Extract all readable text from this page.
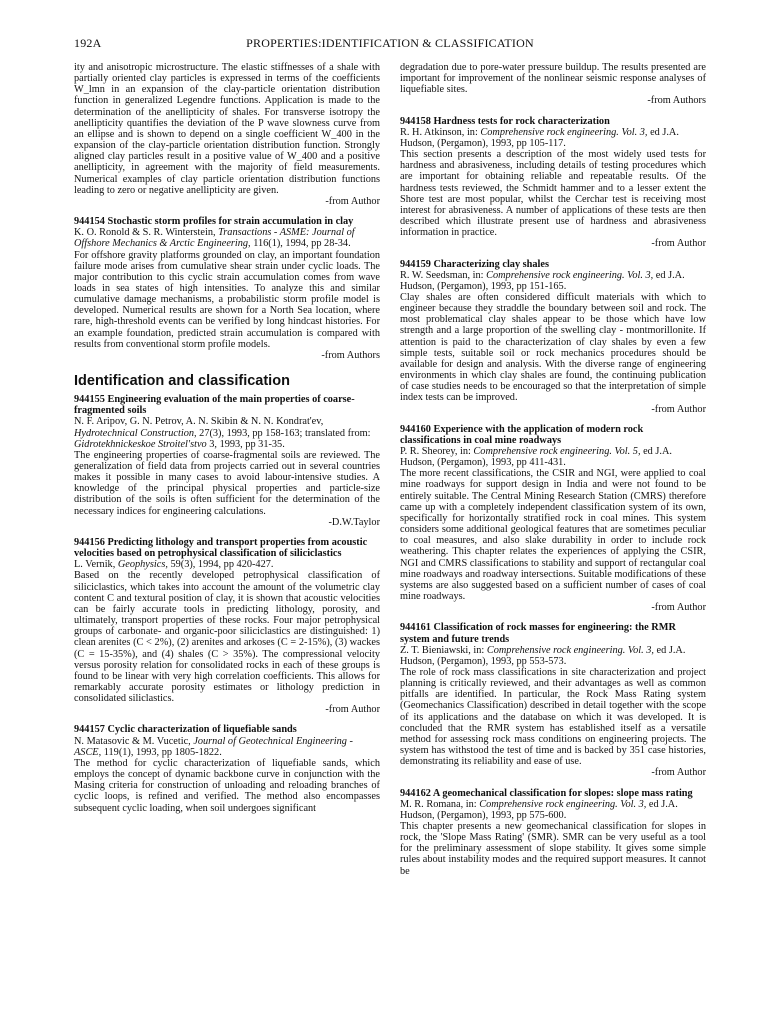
192A	PROPERTIES:IDENTIFICATION & CLASSIFICATION

ity and anisotropic microstructure. The elastic stiffnesses of a shale with partially oriented clay particles is expressed in terms of the coefficients W_lmn in an expansion of the clay-particle orientation distribution function in generalized Legendre functions. Application is made to the determination of the anellipticity of shales. For transverse isotropy the anellipticity quantifies the deviation of the P wave slowness curve from an ellipse and is shown to depend on a single coefficient W_400 in the expansion of the clay-particle orientation distribution function. Strongly aligned clay particles result in a positive value of W_400 and a positive anellipticity, in agreement with the majority of field measurements. Numerical examples of clay particle orientation distribution functions leading to zero or negative anellipticity are given.

-from Author

944154 Stochastic storm profiles for strain accumulation in clay

K. O. Ronold & S. R. Winterstein, Transactions - ASME: Journal of Offshore Mechanics & Arctic Engineering, 116(1), 1994, pp 28-34.

For offshore gravity platforms grounded on clay, an important foundation failure mode arises from cumulative shear strain under cyclic loads. The major contribution to this cyclic strain accumulation comes from wave loads in sea states of high intensities. To analyze this and similar cumulative damage mechanisms, a probabilistic storm profile model is developed. Numerical results are shown for a North Sea location, where rare, high-threshold events can be verified by long hindcast histories. For an example foundation, predicted strain accumulation is compared with results from conventional storm profile models.

-from Authors

Identification and classification

944155 Engineering evaluation of the main properties of coarse-fragmented soils

N. F. Aripov, G. N. Petrov, A. N. Skibin & N. N. Kondrat'ev, Hydrotechnical Construction, 27(3), 1993, pp 158-163; translated from: Gidrotekhnickeskoe Stroitel'stvo 3, 1993, pp 31-35.

The engineering properties of coarse-fragmental soils are reviewed. The generalization of field data from projects carried out in several countries makes it possible in many cases to avoid labour-intensive studies. A knowledge of the principal physical properties and particle-size distribution of the soils is often sufficient for the determination of the necessary indices for engineering calculations.

-D.W.Taylor

944156 Predicting lithology and transport properties from acoustic velocities based on petrophysical classification of siliciclastics

L. Vernik, Geophysics, 59(3), 1994, pp 420-427.

Based on the recently developed petrophysical classification of siliciclastics, which takes into account the amount of the volumetric clay content C and textural position of clay, it is shown that acoustic velocities can be fairly accurate tools in predicting lithology, porosity, and ultimately, transport properties of these rocks. Four major petrophysical groups of carbonate- and organic-poor siliciclastics are distinguished: 1) clean arenites (C < 2%), (2) arenites and arkoses (C = 2-15%), (3) wackes (C = 15-35%), and (4) shales (C > 35%). The compressional velocity versus porosity relation for consolidated rocks in each of these groups is found to be linear with very high correlation coefficients. This allows for remarkably accurate porosity estimates or lithology prediction in consolidated siliclastics.

-from Author

944157 Cyclic characterization of liquefiable sands

N. Matasovic & M. Vucetic, Journal of Geotechnical Engineering - ASCE, 119(1), 1993, pp 1805-1822.

The method for cyclic characterization of liquefiable sands, which employs the concept of dynamic backbone curve in conjunction with the Masing criteria for construction of unloading and reloading branches of cyclic loops, is refined and verified. The method also encompasses subsequent cyclic loading, when soil undergoes significant

degradation due to pore-water pressure buildup. The results presented are important for improvement of the nonlinear seismic response analyses of liquefiable sites.

-from Authors

944158 Hardness tests for rock characterization

R. H. Atkinson, in: Comprehensive rock engineering. Vol. 3, ed J.A. Hudson, (Pergamon), 1993, pp 105-117.

This section presents a description of the most widely used tests for hardness and abrasiveness, including details of testing procedures which are important for obtaining reliable and repeatable results. Of the hardness tests reviewed, the Schmidt hammer and to a lesser extent the Shore test are most popular, whilst the Cerchar test is receiving most interest for abrasiveness. A number of applications of these tests are then described which illustrate present use of hardness and abrasiveness information in practice.

-from Author

944159 Characterizing clay shales

R. W. Seedsman, in: Comprehensive rock engineering. Vol. 3, ed J.A. Hudson, (Pergamon), 1993, pp 151-165.

Clay shales are often considered difficult materials with which to engineer because they straddle the boundary between soil and rock. The most problematical clay shales appear to be those which have low strength and a large proportion of the swelling clay - montmorillonite. If attention is paid to the characterization of clay shales by even a few simple tests, suitable soil or rock mechanics procedures should be available for design and analysis. With the diverse range of engineering environments in which clay shales are found, the continuing publication of case studies needs to be encouraged so that the interpretation of simple index tests can be improved.

-from Author

944160 Experience with the application of modern rock classifications in coal mine roadways

P. R. Sheorey, in: Comprehensive rock engineering. Vol. 5, ed J.A. Hudson, (Pergamon), 1993, pp 411-431.

The more recent classifications, the CSIR and NGI, were applied to coal mine roadways for support design in India and were not found to be entirely suitable. The Central Mining Research Station (CMRS) therefore came up with a completely independent classification system of its own, specifically for horizontally stratified rock in coal mines. This system considers some additional geological features that are sometimes peculiar to coal measures, and also slake durability in order to include rock weathering. This chapter relates the experiences of applying the CSIR, NGI and CMRS classifications to stability and support of rectangular coal mine roadways and roadway intersections. Suitable modifications of these systems are also suggested based on a sufficient number of cases of coal mine roadways.

-from Author

944161 Classification of rock masses for engineering: the RMR system and future trends

Z. T. Bieniawski, in: Comprehensive rock engineering. Vol. 3, ed J.A. Hudson, (Pergamon), 1993, pp 553-573.

The role of rock mass classifications in site characterization and project planning is critically reviewed, and their advantages as well as common pitfalls are identified. In particular, the Rock Mass Rating system (Geomechanics Classification) described in detail together with the scope of its applications and the database on which it was developed. It is concluded that the RMR system has established itself as a versatile method for assessing rock mass conditions on engineering projects. The system has withstood the test of time and is backed by 351 case histories, demonstrating its reliability and ease of use.

-from Author

944162 A geomechanical classification for slopes: slope mass rating

M. R. Romana, in: Comprehensive rock engineering. Vol. 3, ed J.A. Hudson, (Pergamon), 1993, pp 575-600.

This chapter presents a new geomechanical classification for slopes in rock, the 'Slope Mass Rating' (SMR). SMR can be very useful as a tool for the preliminary assessment of slope stability. It gives some simple rules about instability modes and the required support measures. It cannot be
